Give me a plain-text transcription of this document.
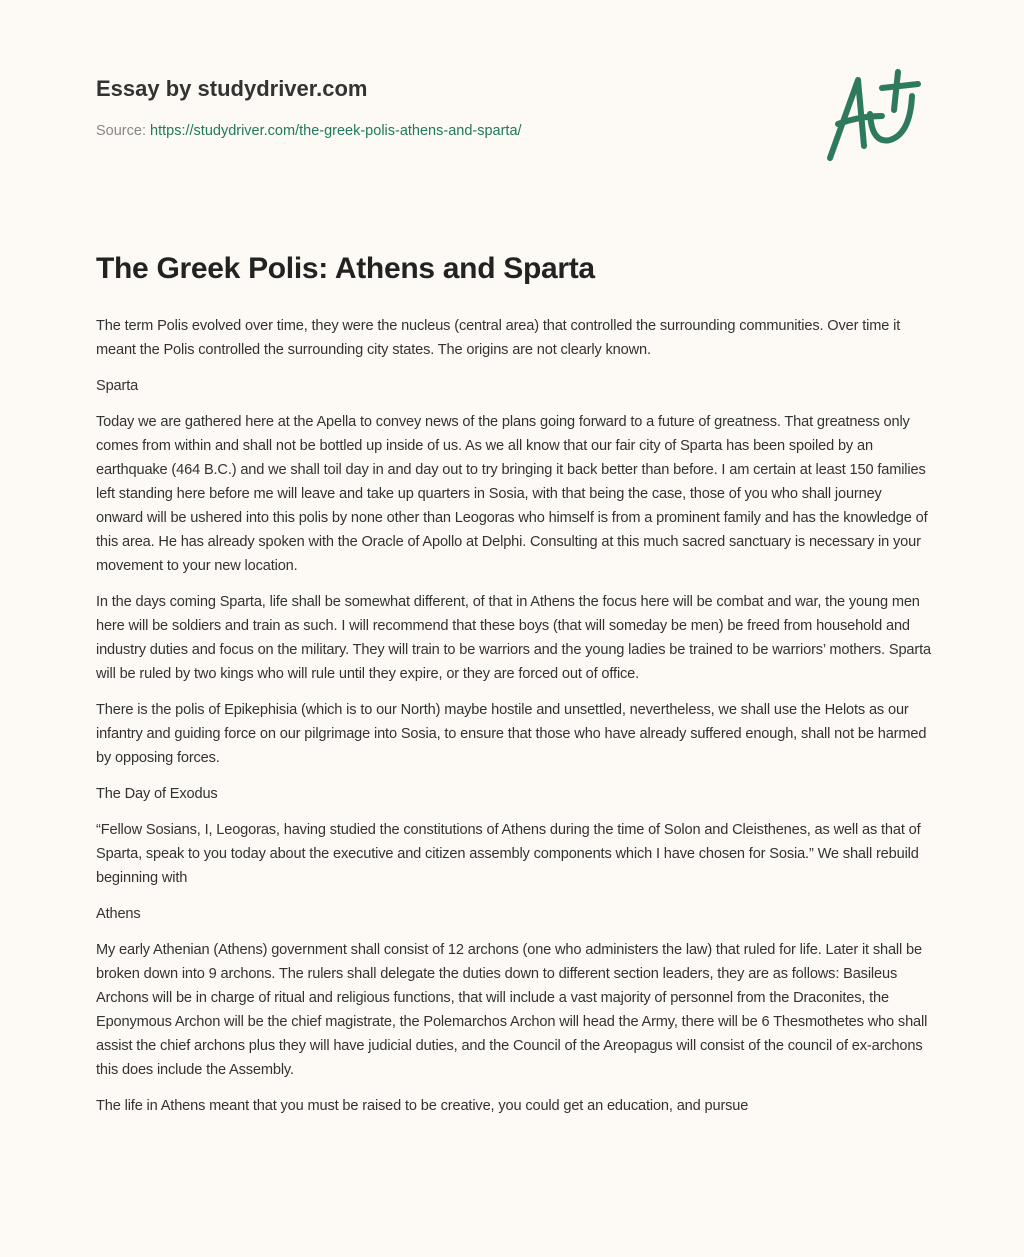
Essay by studydriver.com
Source: https://studydriver.com/the-greek-polis-athens-and-sparta/
The Greek Polis: Athens and Sparta

The term Polis evolved over time, they were the nucleus (central area) that controlled the surrounding communities. Over time it meant the Polis controlled the surrounding city states. The origins are not clearly known.

Sparta

Today we are gathered here at the Apella to convey news of the plans going forward to a future of greatness. That greatness only comes from within and shall not be bottled up inside of us. As we all know that our fair city of Sparta has been spoiled by an earthquake (464 B.C.) and we shall toil day in and day out to try bringing it back better than before. I am certain at least 150 families left standing here before me will leave and take up quarters in Sosia, with that being the case, those of you who shall journey onward will be ushered into this polis by none other than Leogoras who himself is from a prominent family and has the knowledge of this area. He has already spoken with the Oracle of Apollo at Delphi. Consulting at this much sacred sanctuary is necessary in your movement to your new location.

In the days coming Sparta, life shall be somewhat different, of that in Athens the focus here will be combat and war, the young men here will be soldiers and train as such. I will recommend that these boys (that will someday be men) be freed from household and industry duties and focus on the military. They will train to be warriors and the young ladies be trained to be warriors’ mothers. Sparta will be ruled by two kings who will rule until they expire, or they are forced out of office.

There is the polis of Epikephisia (which is to our North) maybe hostile and unsettled, nevertheless, we shall use the Helots as our infantry and guiding force on our pilgrimage into Sosia, to ensure that those who have already suffered enough, shall not be harmed by opposing forces.

The Day of Exodus

“Fellow Sosians, I, Leogoras, having studied the constitutions of Athens during the time of Solon and Cleisthenes, as well as that of Sparta, speak to you today about the executive and citizen assembly components which I have chosen for Sosia.” We shall rebuild beginning with

Athens

My early Athenian (Athens) government shall consist of 12 archons (one who administers the law) that ruled for life. Later it shall be broken down into 9 archons. The rulers shall delegate the duties down to different section leaders, they are as follows: Basileus Archons will be in charge of ritual and religious functions, that will include a vast majority of personnel from the Draconites, the Eponymous Archon will be the chief magistrate, the Polemarchos Archon will head the Army, there will be 6 Thesmothetes who shall assist the chief archons plus they will have judicial duties, and the Council of the Areopagus will consist of the council of ex-archons this does include the Assembly.

The life in Athens meant that you must be raised to be creative, you could get an education, and pursue
